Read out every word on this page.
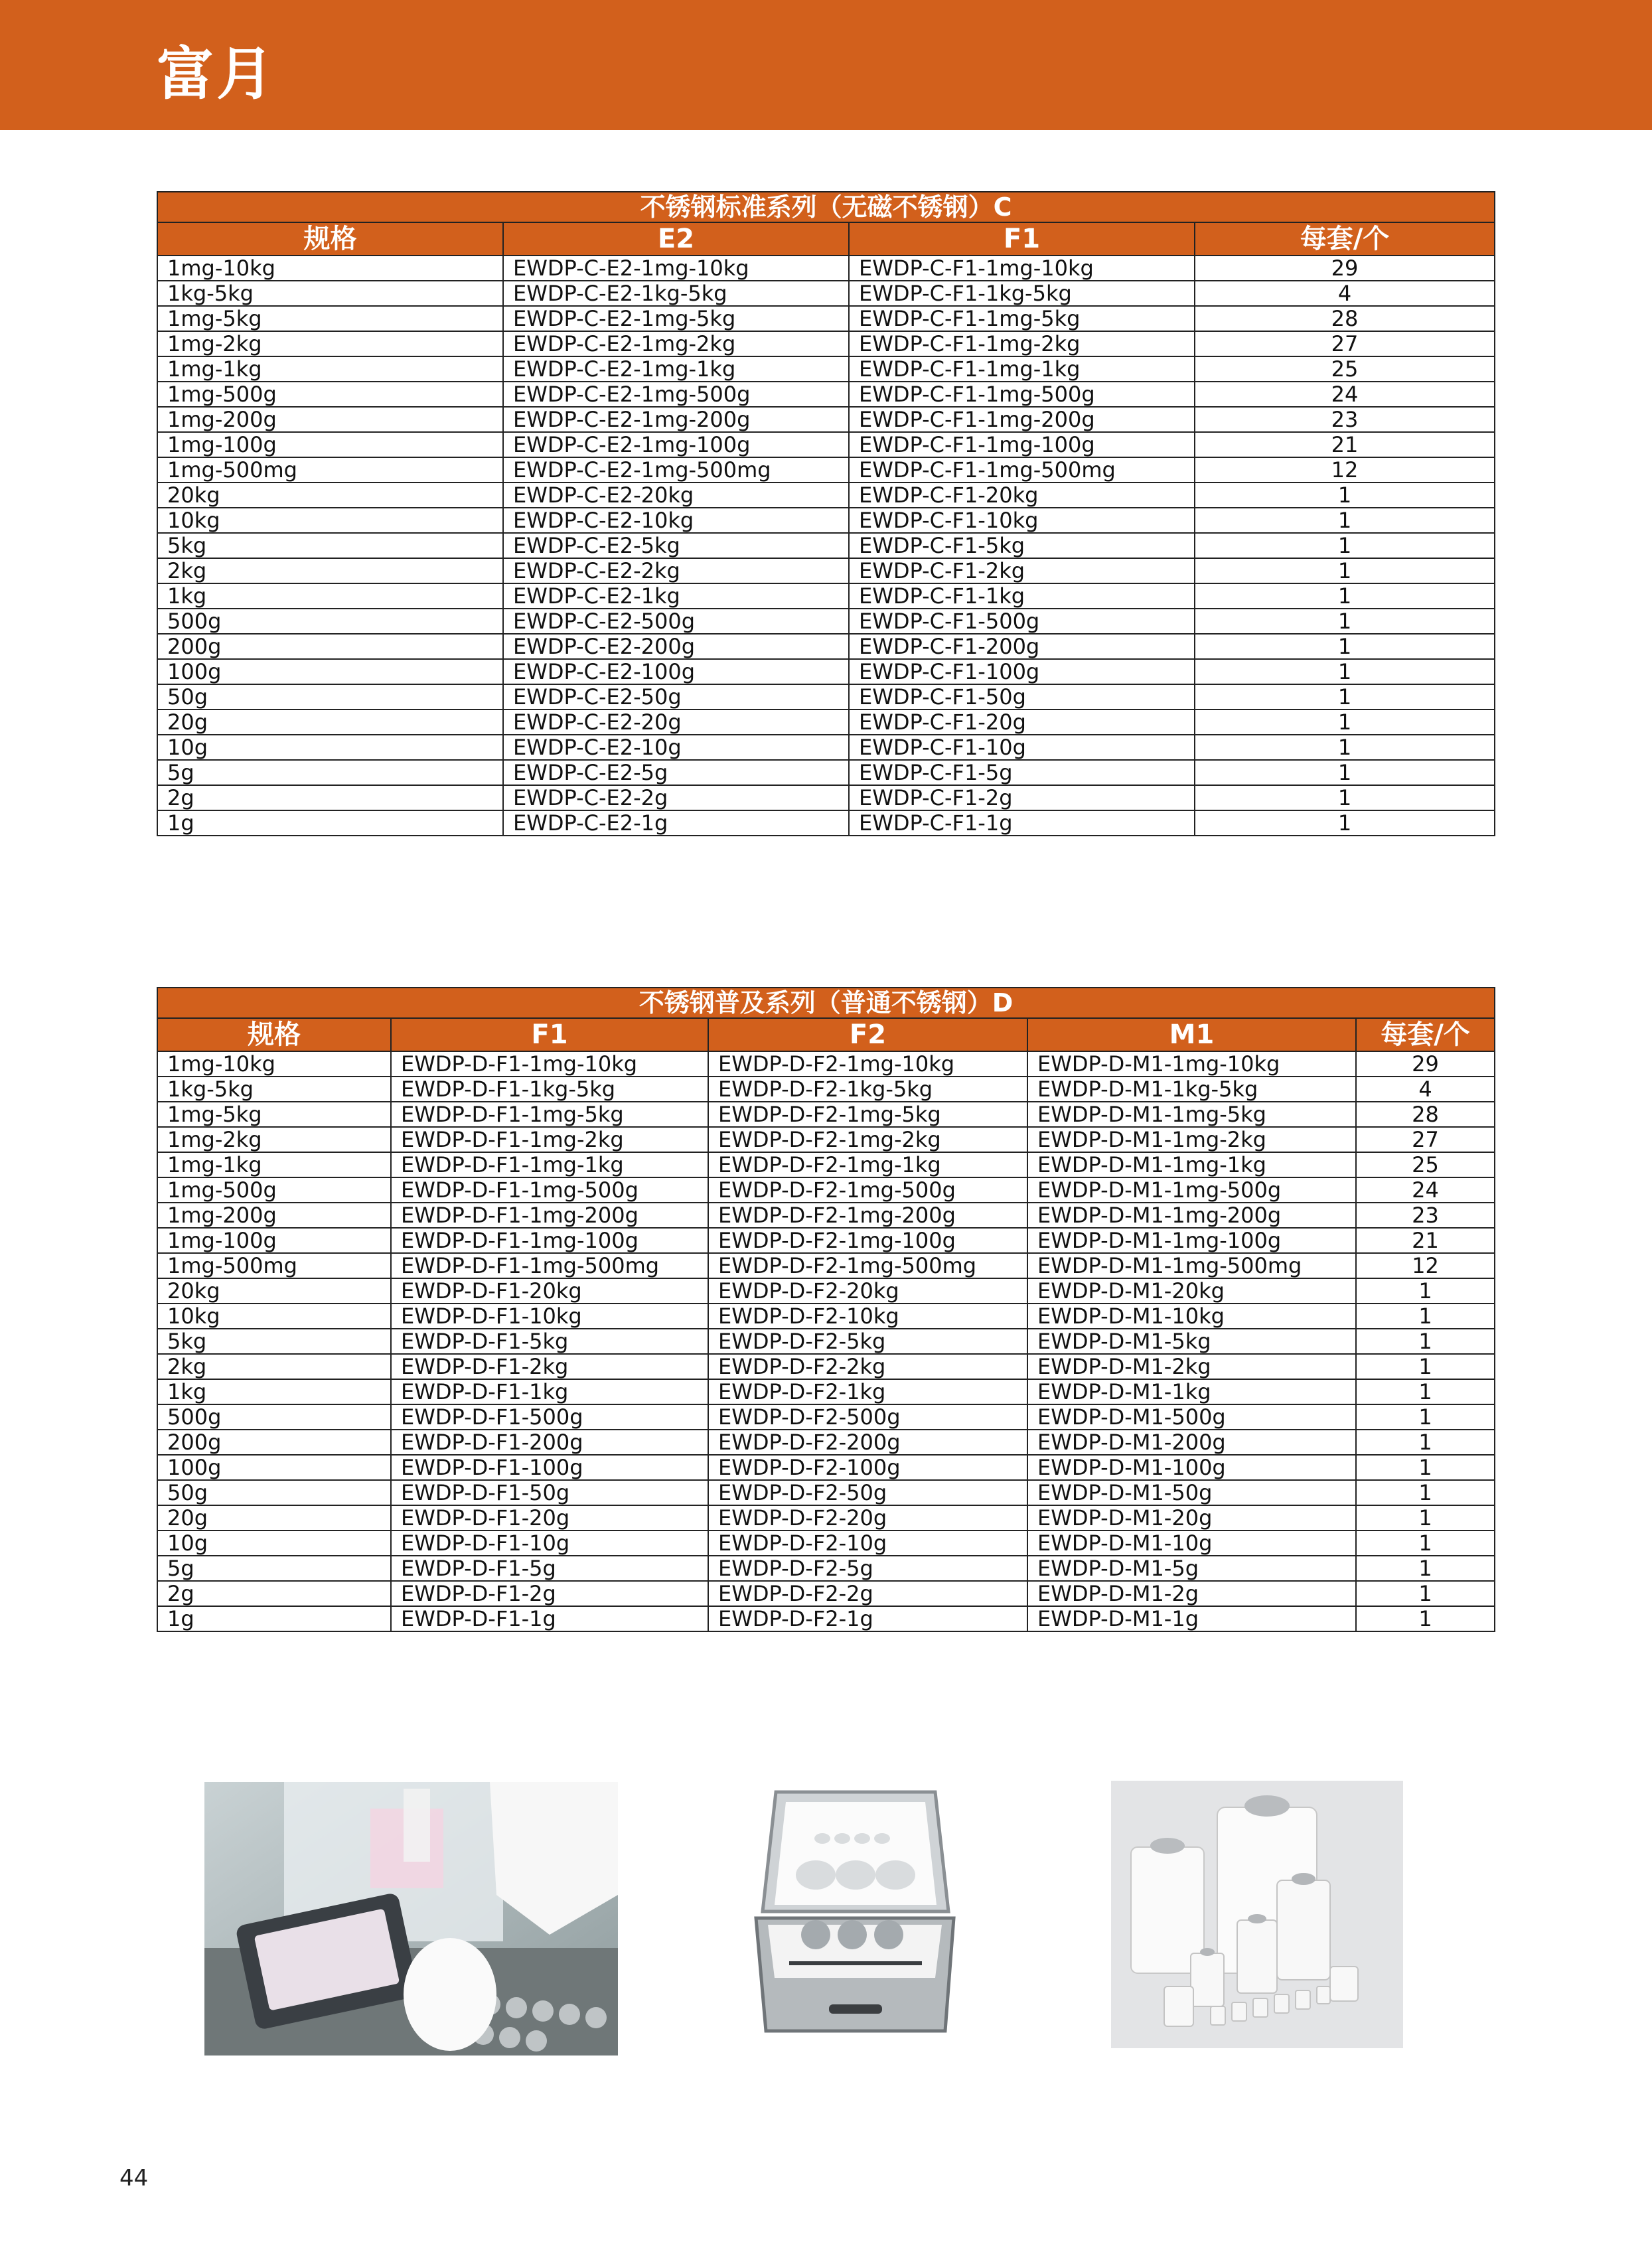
富月
不锈钢标准系列（无磁不锈钢）C			
规格	E2	F1	每套/个
1mg-10kg	EWDP-C-E2-1mg-10kg	EWDP-C-F1-1mg-10kg	29
1kg-5kg	EWDP-C-E2-1kg-5kg	EWDP-C-F1-1kg-5kg	4
1mg-5kg	EWDP-C-E2-1mg-5kg	EWDP-C-F1-1mg-5kg	28
1mg-2kg	EWDP-C-E2-1mg-2kg	EWDP-C-F1-1mg-2kg	27
1mg-1kg	EWDP-C-E2-1mg-1kg	EWDP-C-F1-1mg-1kg	25
1mg-500g	EWDP-C-E2-1mg-500g	EWDP-C-F1-1mg-500g	24
1mg-200g	EWDP-C-E2-1mg-200g	EWDP-C-F1-1mg-200g	23
1mg-100g	EWDP-C-E2-1mg-100g	EWDP-C-F1-1mg-100g	21
1mg-500mg	EWDP-C-E2-1mg-500mg	EWDP-C-F1-1mg-500mg	12
20kg	EWDP-C-E2-20kg	EWDP-C-F1-20kg	1
10kg	EWDP-C-E2-10kg	EWDP-C-F1-10kg	1
5kg	EWDP-C-E2-5kg	EWDP-C-F1-5kg	1
2kg	EWDP-C-E2-2kg	EWDP-C-F1-2kg	1
1kg	EWDP-C-E2-1kg	EWDP-C-F1-1kg	1
500g	EWDP-C-E2-500g	EWDP-C-F1-500g	1
200g	EWDP-C-E2-200g	EWDP-C-F1-200g	1
100g	EWDP-C-E2-100g	EWDP-C-F1-100g	1
50g	EWDP-C-E2-50g	EWDP-C-F1-50g	1
20g	EWDP-C-E2-20g	EWDP-C-F1-20g	1
10g	EWDP-C-E2-10g	EWDP-C-F1-10g	1
5g	EWDP-C-E2-5g	EWDP-C-F1-5g	1
2g	EWDP-C-E2-2g	EWDP-C-F1-2g	1
1g	EWDP-C-E2-1g	EWDP-C-F1-1g	1
不锈钢普及系列（普通不锈钢）D				
规格	F1	F2	M1	每套/个
1mg-10kg	EWDP-D-F1-1mg-10kg	EWDP-D-F2-1mg-10kg	EWDP-D-M1-1mg-10kg	29
1kg-5kg	EWDP-D-F1-1kg-5kg	EWDP-D-F2-1kg-5kg	EWDP-D-M1-1kg-5kg	4
1mg-5kg	EWDP-D-F1-1mg-5kg	EWDP-D-F2-1mg-5kg	EWDP-D-M1-1mg-5kg	28
1mg-2kg	EWDP-D-F1-1mg-2kg	EWDP-D-F2-1mg-2kg	EWDP-D-M1-1mg-2kg	27
1mg-1kg	EWDP-D-F1-1mg-1kg	EWDP-D-F2-1mg-1kg	EWDP-D-M1-1mg-1kg	25
1mg-500g	EWDP-D-F1-1mg-500g	EWDP-D-F2-1mg-500g	EWDP-D-M1-1mg-500g	24
1mg-200g	EWDP-D-F1-1mg-200g	EWDP-D-F2-1mg-200g	EWDP-D-M1-1mg-200g	23
1mg-100g	EWDP-D-F1-1mg-100g	EWDP-D-F2-1mg-100g	EWDP-D-M1-1mg-100g	21
1mg-500mg	EWDP-D-F1-1mg-500mg	EWDP-D-F2-1mg-500mg	EWDP-D-M1-1mg-500mg	12
20kg	EWDP-D-F1-20kg	EWDP-D-F2-20kg	EWDP-D-M1-20kg	1
10kg	EWDP-D-F1-10kg	EWDP-D-F2-10kg	EWDP-D-M1-10kg	1
5kg	EWDP-D-F1-5kg	EWDP-D-F2-5kg	EWDP-D-M1-5kg	1
2kg	EWDP-D-F1-2kg	EWDP-D-F2-2kg	EWDP-D-M1-2kg	1
1kg	EWDP-D-F1-1kg	EWDP-D-F2-1kg	EWDP-D-M1-1kg	1
500g	EWDP-D-F1-500g	EWDP-D-F2-500g	EWDP-D-M1-500g	1
200g	EWDP-D-F1-200g	EWDP-D-F2-200g	EWDP-D-M1-200g	1
100g	EWDP-D-F1-100g	EWDP-D-F2-100g	EWDP-D-M1-100g	1
50g	EWDP-D-F1-50g	EWDP-D-F2-50g	EWDP-D-M1-50g	1
20g	EWDP-D-F1-20g	EWDP-D-F2-20g	EWDP-D-M1-20g	1
10g	EWDP-D-F1-10g	EWDP-D-F2-10g	EWDP-D-M1-10g	1
5g	EWDP-D-F1-5g	EWDP-D-F2-5g	EWDP-D-M1-5g	1
2g	EWDP-D-F1-2g	EWDP-D-F2-2g	EWDP-D-M1-2g	1
1g	EWDP-D-F1-1g	EWDP-D-F2-1g	EWDP-D-M1-1g	1
44
